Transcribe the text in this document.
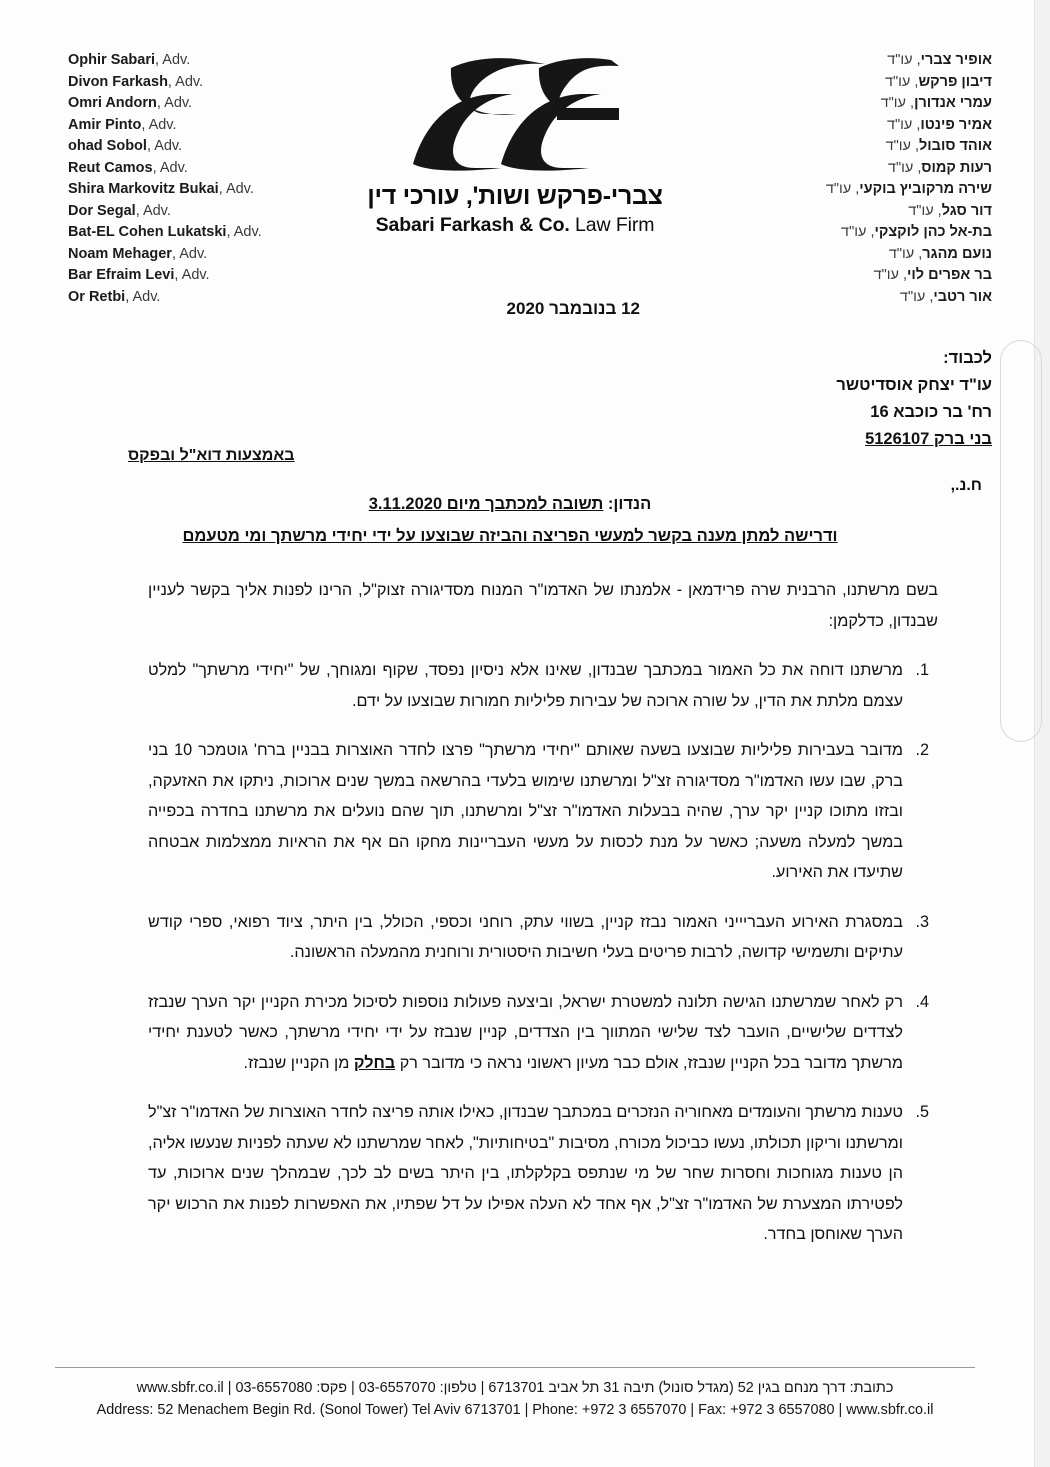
Ophir Sabari, Adv.
Divon Farkash, Adv.
Omri Andorn, Adv.
Amir Pinto, Adv.
ohad Sobol, Adv.
Reut Camos, Adv.
Shira Markovitz Bukai, Adv.
Dor Segal, Adv.
Bat-EL Cohen Lukatski, Adv.
Noam Mehager, Adv.
Bar Efraim Levi, Adv.
Or Retbi, Adv.
צברי-פרקש ושות', עורכי דין
Sabari Farkash & Co. Law Firm
אופיר צברי, עו"ד
דיבון פרקש, עו"ד
עמרי אנדורן, עו"ד
אמיר פינטו, עו"ד
אוהד סובול, עו"ד
רעות קמוס, עו"ד
שירה מרקוביץ בוקעי, עו"ד
דור סגל, עו"ד
בת-אל כהן לוקצקי, עו"ד
נועם מהגר, עו"ד
בר אפרים לוי, עו"ד
אור רטבי, עו"ד
12 בנובמבר 2020
לכבוד:
עו"ד יצחק אוסדיטשר
רח' בר כוכבא 16
בני ברק 5126107
באמצעות דוא"ל ובפקס
ח.נ.,
הנדון: תשובה למכתבך מיום 3.11.2020
ודרישה למתן מענה בקשר למעשי הפריצה והביזה שבוצעו על ידי יחידי מרשתך ומי מטעמם

בשם מרשתנו, הרבנית שרה פרידמאן - אלמנתו של האדמו"ר המנוח מסדיגורה זצוק"ל, הרינו לפנות אליך בקשר לעניין שבנדון, כדלקמן:

1. מרשתנו דוחה את כל האמור במכתבך שבנדון, שאינו אלא ניסיון נפסד, שקוף ומגוחך, של "יחידי מרשתך" למלט עצמם מלתת את הדין, על שורה ארוכה של עבירות פליליות חמורות שבוצעו על ידם.
2. מדובר בעבירות פליליות שבוצעו בשעה שאותם "יחידי מרשתך" פרצו לחדר האוצרות בבניין ברח' גוטמכר 10 בני ברק, שבו עשו האדמו"ר מסדיגורה זצ"ל ומרשתנו שימוש בלעדי בהרשאה במשך שנים ארוכות, ניתקו את האזעקה, ובזזו מתוכו קניין יקר ערך, שהיה בבעלות האדמו"ר זצ"ל ומרשתנו, תוך שהם נועלים את מרשתנו בחדרה בכפייה במשך למעלה משעה; כאשר על מנת לכסות על מעשי העבריינות מחקו הם אף את הראיות ממצלמות אבטחה שתיעדו את האירוע.
3. במסגרת האירוע העבריייני האמור נבזז קניין, בשווי עתק, רוחני וכספי, הכולל, בין היתר, ציוד רפואי, ספרי קודש עתיקים ותשמישי קדושה, לרבות פריטים בעלי חשיבות היסטורית ורוחנית מהמעלה הראשונה.
4. רק לאחר שמרשתנו הגישה תלונה למשטרת ישראל, וביצעה פעולות נוספות לסיכול מכירת הקניין יקר הערך שנבזז לצדדים שלישיים, הועבר לצד שלישי המתווך בין הצדדים, קניין שנבזז על ידי יחידי מרשתך, כאשר לטענת יחידי מרשתך מדובר בכל הקניין שנבזז, אולם כבר מעיון ראשוני נראה כי מדובר רק בחלק מן הקניין שנבזז.
5. טענות מרשתך והעומדים מאחוריה הנזכרים במכתבך שבנדון, כאילו אותה פריצה לחדר האוצרות של האדמו"ר זצ"ל ומרשתנו וריקון תכולתו, נעשו כביכול מכורח, מסיבות "בטיחותיות", לאחר שמרשתנו לא שעתה לפניות שנעשו אליה, הן טענות מגוחכות וחסרות שחר של מי שנתפס בקלקלתו, בין היתר בשים לב לכך, שבמהלך שנים ארוכות, עד לפטירתו המצערת של האדמו"ר זצ"ל, אף אחד לא העלה אפילו על דל שפתיו, את האפשרות לפנות את הרכוש יקר הערך שאוחסן בחדר.
כתובת: דרך מנחם בגין 52 (מגדל סונול) תיבה 31 תל אביב 6713701 | טלפון: 03-6557070 | פקס: 03-6557080 | www.sbfr.co.il
Address: 52 Menachem Begin Rd. (Sonol Tower) Tel Aviv 6713701 | Phone: +972 3 6557070 | Fax: +972 3 6557080 | www.sbfr.co.il
